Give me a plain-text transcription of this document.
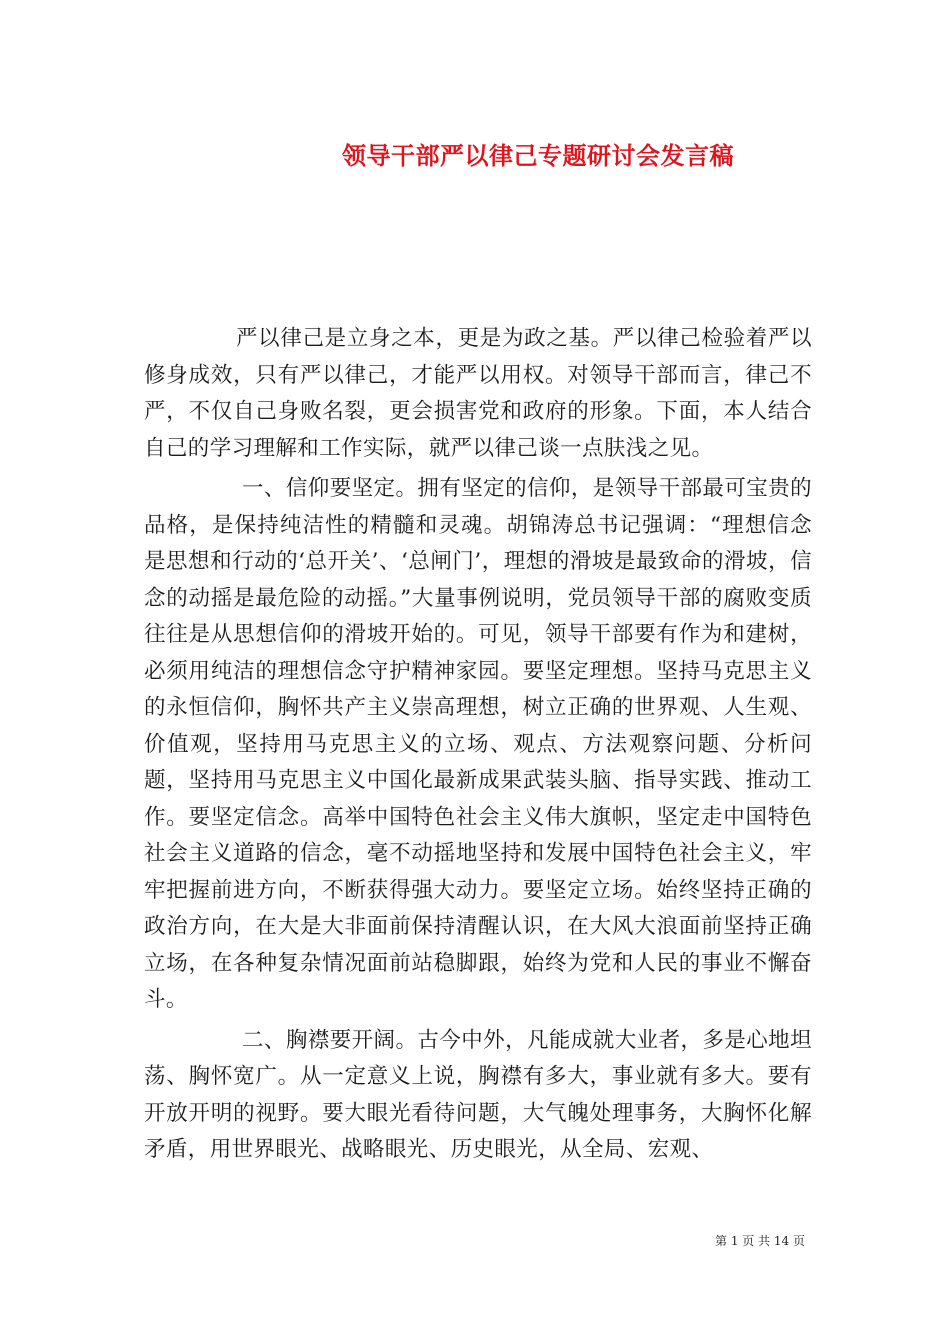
领导干部严以律己专题研讨会发言稿

严以律己是立身之本，更是为政之基。严以律己检验着严以修身成效，只有严以律己，才能严以用权。对领导干部而言，律己不严，不仅自己身败名裂，更会损害党和政府的形象。下面，本人结合自己的学习理解和工作实际，就严以律己谈一点肤浅之见。

一、信仰要坚定。拥有坚定的信仰，是领导干部最可宝贵的品格，是保持纯洁性的精髓和灵魂。胡锦涛总书记强调：“理想信念是思想和行动的‘总开关’、‘总闸门’，理想的滑坡是最致命的滑坡，信念的动摇是最危险的动摇。”大量事例说明，党员领导干部的腐败变质往往是从思想信仰的滑坡开始的。可见，领导干部要有作为和建树，必须用纯洁的理想信念守护精神家园。要坚定理想。坚持马克思主义的永恒信仰，胸怀共产主义崇高理想，树立正确的世界观、人生观、价值观，坚持用马克思主义的立场、观点、方法观察问题、分析问题，坚持用马克思主义中国化最新成果武装头脑、指导实践、推动工作。要坚定信念。高举中国特色社会主义伟大旗帜，坚定走中国特色社会主义道路的信念，毫不动摇地坚持和发展中国特色社会主义，牢牢把握前进方向，不断获得强大动力。要坚定立场。始终坚持正确的政治方向，在大是大非面前保持清醒认识，在大风大浪面前坚持正确立场，在各种复杂情况面前站稳脚跟，始终为党和人民的事业不懈奋斗。

二、胸襟要开阔。古今中外，凡能成就大业者，多是心地坦荡、胸怀宽广。从一定意义上说，胸襟有多大，事业就有多大。要有开放开明的视野。要大眼光看待问题，大气魄处理事务，大胸怀化解矛盾，用世界眼光、战略眼光、历史眼光，从全局、宏观、

第 1 页 共 14 页
